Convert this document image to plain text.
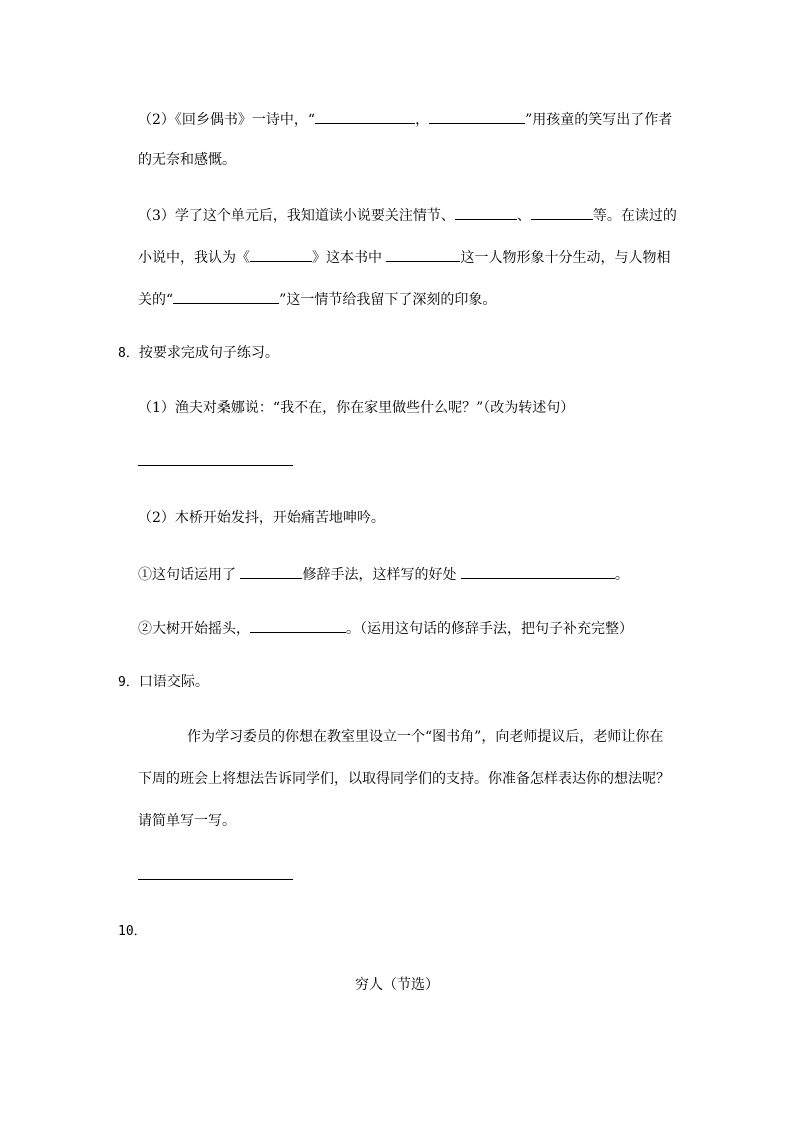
（2）《回乡偶书》一诗中，“	，	”用孩童的笑写出了作者
的无奈和感慨。
（3）学了这个单元后，我知道读小说要关注情节、	、	等。在读过的
小说中，我认为《	》这本书中	这一人物形象十分生动，与人物相
关的“	”这一情节给我留下了深刻的印象。
8．按要求完成句子练习。
（1）渔夫对桑娜说：“我不在，你在家里做些什么呢？”（改为转述句）
（2）木桥开始发抖，开始痛苦地呻吟。
①这句话运用了	修辞手法，这样写的好处	。
②大树开始摇头，	。（运用这句话的修辞手法，把句子补充完整）
9．口语交际。
作为学习委员的你想在教室里设立一个“图书角”，向老师提议后，老师让你在
下周的班会上将想法告诉同学们，以取得同学们的支持。你准备怎样表达你的想法呢？
请简单写一写。
10．
穷人（节选）
